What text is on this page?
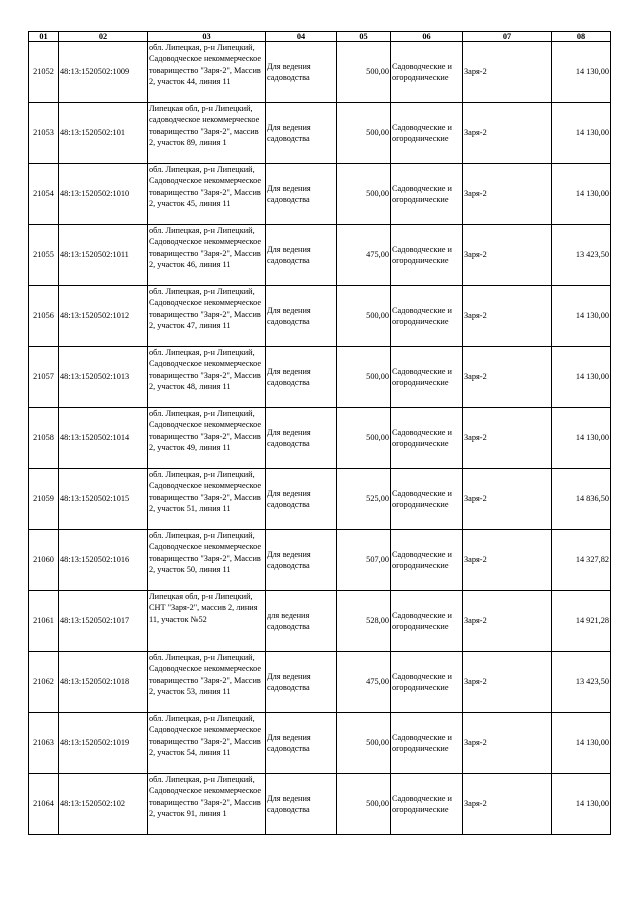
01	02	03	04	05	06	07	08
21052	48:13:1520502:1009	обл. Липецкая, р-н Липецкий, Садоводческое некоммерческое товарищество "Заря-2", Массив 2, участок 44, линия 11	Для ведения садоводства	500,00	Садоводческие и огороднические	Заря-2	14 130,00
21053	48:13:1520502:101	Липецкая обл, р-н Липецкий, садоводческое некоммерческое товарищество "Заря-2", массив 2, участок 89, линия 1	Для ведения садоводства	500,00	Садоводческие и огороднические	Заря-2	14 130,00
21054	48:13:1520502:1010	обл. Липецкая, р-н Липецкий, Садоводческое некоммерческое товарищество "Заря-2", Массив 2, участок 45, линия 11	Для ведения садоводства	500,00	Садоводческие и огороднические	Заря-2	14 130,00
21055	48:13:1520502:1011	обл. Липецкая, р-н Липецкий, Садоводческое некоммерческое товарищество "Заря-2", Массив 2, участок 46, линия 11	Для ведения садоводства	475,00	Садоводческие и огороднические	Заря-2	13 423,50
21056	48:13:1520502:1012	обл. Липецкая, р-н Липецкий, Садоводческое некоммерческое товарищество "Заря-2", Массив 2, участок 47, линия 11	Для ведения садоводства	500,00	Садоводческие и огороднические	Заря-2	14 130,00
21057	48:13:1520502:1013	обл. Липецкая, р-н Липецкий, Садоводческое некоммерческое товарищество "Заря-2", Массив 2, участок 48, линия 11	Для ведения садоводства	500,00	Садоводческие и огороднические	Заря-2	14 130,00
21058	48:13:1520502:1014	обл. Липецкая, р-н Липецкий, Садоводческое некоммерческое товарищество "Заря-2", Массив 2, участок 49, линия 11	Для ведения садоводства	500,00	Садоводческие и огороднические	Заря-2	14 130,00
21059	48:13:1520502:1015	обл. Липецкая, р-н Липецкий, Садоводческое некоммерческое товарищество "Заря-2", Массив 2, участок 51, линия 11	Для ведения садоводства	525,00	Садоводческие и огороднические	Заря-2	14 836,50
21060	48:13:1520502:1016	обл. Липецкая, р-н Липецкий, Садоводческое некоммерческое товарищество "Заря-2", Массив 2, участок 50, линия 11	Для ведения садоводства	507,00	Садоводческие и огороднические	Заря-2	14 327,82
21061	48:13:1520502:1017	Липецкая обл, р-н Липецкий, СНТ "Заря-2", массив 2, линия 11, участок №52	для ведения садоводства	528,00	Садоводческие и огороднические	Заря-2	14 921,28
21062	48:13:1520502:1018	обл. Липецкая, р-н Липецкий, Садоводческое некоммерческое товарищество "Заря-2", Массив 2, участок 53, линия 11	Для ведения садоводства	475,00	Садоводческие и огороднические	Заря-2	13 423,50
21063	48:13:1520502:1019	обл. Липецкая, р-н Липецкий, Садоводческое некоммерческое товарищество "Заря-2", Массив 2, участок 54, линия 11	Для ведения садоводства	500,00	Садоводческие и огороднические	Заря-2	14 130,00
21064	48:13:1520502:102	обл. Липецкая, р-н Липецкий, Садоводческое некоммерческое товарищество "Заря-2", Массив 2, участок 91, линия 1	Для ведения садоводства	500,00	Садоводческие и огороднические	Заря-2	14 130,00
